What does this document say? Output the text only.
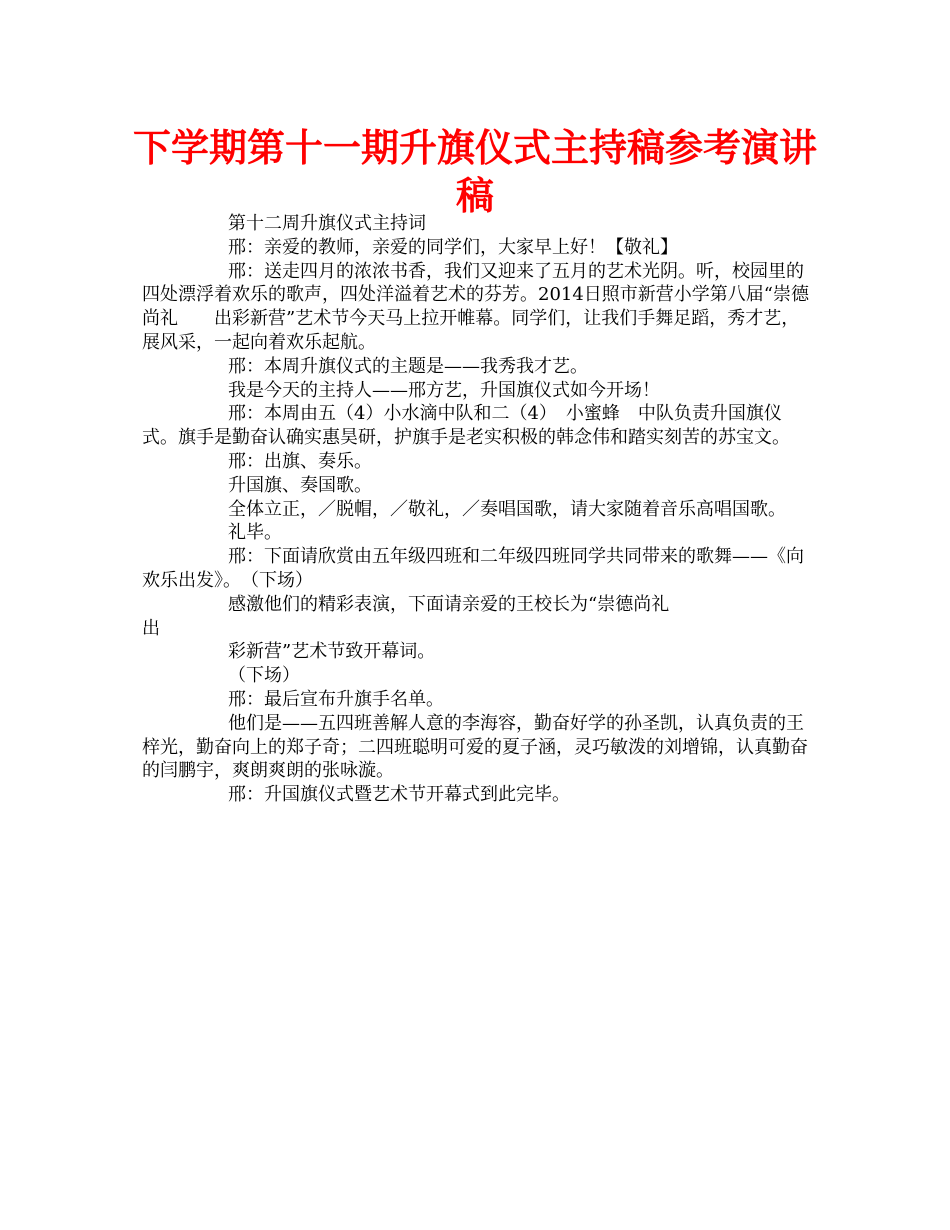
下学期第十一期升旗仪式主持稿参考演讲稿

第十二周升旗仪式主持词

邢：亲爱的教师，亲爱的同学们，大家早上好！【敬礼】

邢：送走四月的浓浓书香，我们又迎来了五月的艺术光阴。听，校园里的四处漂浮着欢乐的歌声，四处洋溢着艺术的芬芳。2014日照市新营小学第八届“崇德尚礼　　出彩新营”艺术节今天马上拉开帷幕。同学们，让我们手舞足蹈，秀才艺，展风采，一起向着欢乐起航。

邢：本周升旗仪式的主题是——我秀我才艺。

我是今天的主持人——邢方艺，升国旗仪式如今开场！

邢：本周由五（4）小水滴中队和二（4）　小蜜蜂　中队负责升国旗仪式。旗手是勤奋认确实惠昊研，护旗手是老实积极的韩念伟和踏实刻苦的苏宝文。

邢：出旗、奏乐。

升国旗、奏国歌。

全体立正，／脱帽，／敬礼，／奏唱国歌，请大家随着音乐高唱国歌。

礼毕。

邢：下面请欣赏由五年级四班和二年级四班同学共同带来的歌舞——《向欢乐出发》。　（下场）

感激他们的精彩表演，下面请亲爱的王校长为“崇德尚礼

出

彩新营”艺术节致开幕词。

（下场）

邢：最后宣布升旗手名单。

他们是——五四班善解人意的李海容，勤奋好学的孙圣凯，认真负责的王梓光，勤奋向上的郑子奇；二四班聪明可爱的夏子涵，灵巧敏泼的刘增锦，认真勤奋的闫鹏宇，爽朗爽朗的张咏漩。

邢：升国旗仪式暨艺术节开幕式到此完毕。
